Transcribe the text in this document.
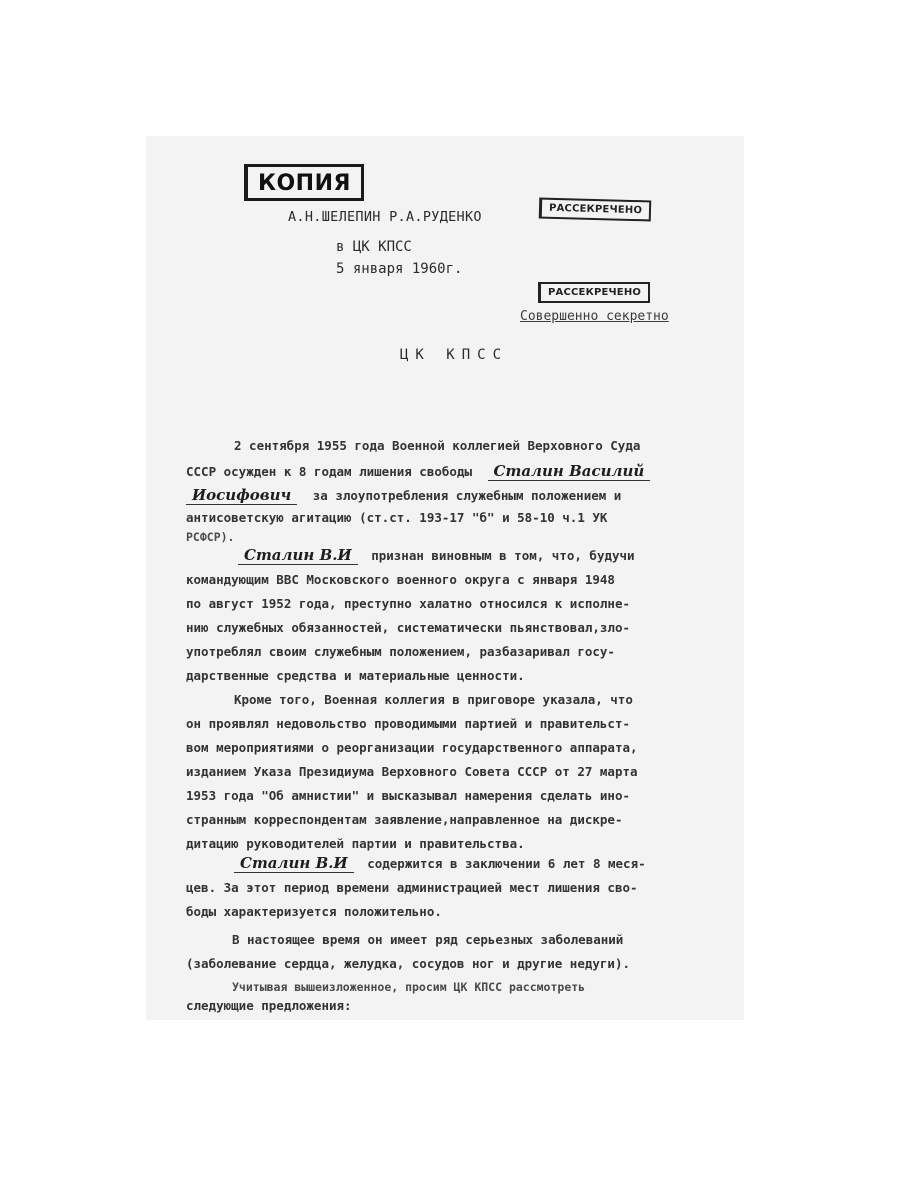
КОПИЯ
РАССЕКРЕЧЕНО
А.Н.ШЕЛЕПИН Р.А.РУДЕНКО
в ЦК КПСС
5 января 1960г.
РАССЕКРЕЧЕНО
Совершенно секретно
ЦК КПСС
2 сентября 1955 года Военной коллегией Верховного Суда
СССР осужден к 8 годам лишения свободы Сталин Василий
Иосифович за злоупотребления служебным положением и
антисоветскую агитацию (ст.ст. 193-17 "б" и 58-10 ч.1 УК
РСФСР).
Сталин В.И признан виновным в том, что, будучи
командующим ВВС Московского военного округа с января 1948
по август 1952 года, преступно халатно относился к исполне-
нию служебных обязанностей, систематически пьянствовал,зло-
употреблял своим служебным положением, разбазаривал госу-
дарственные средства и материальные ценности.
Кроме того, Военная коллегия в приговоре указала, что
он проявлял недовольство проводимыми партией и правительст-
вом мероприятиями о реорганизации государственного аппарата,
изданием Указа Президиума Верховного Совета СССР от 27 марта
1953 года "Об амнистии" и высказывал намерения сделать ино-
странным корреспондентам заявление,направленное на дискре-
дитацию руководителей партии и правительства.
Сталин В.И содержится в заключении 6 лет 8 меся-
цев. За этот период времени администрацией мест лишения сво-
боды характеризуется положительно.
В настоящее время он имеет ряд серьезных заболеваний
(заболевание сердца, желудка, сосудов ног и другие недуги).
Учитывая вышеизложенное, просим ЦК КПСС рассмотреть
следующие предложения:
